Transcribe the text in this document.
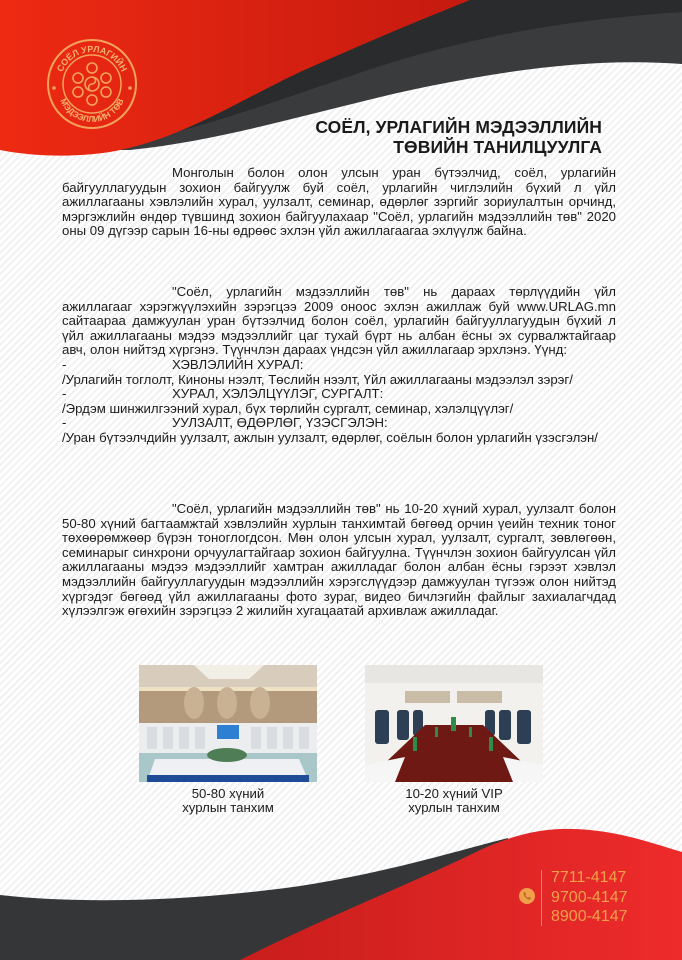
СОЁЛ УРЛАГИЙН
МЭДЭЭЛЛИЙН ТӨВ
СОЁЛ, УРЛАГИЙН МЭДЭЭЛЛИЙН
ТӨВИЙН ТАНИЛЦУУЛГА

Монголын болон олон улсын уран бүтээлчид, соёл, урлагийн байгууллагуудын зохион байгуулж буй соёл, урлагийн чиглэлийн бүхий л үйл ажиллагааны хэвлэлийн хурал, уулзалт, семинар, өдөрлөг зэргийг зориулалтын орчинд, мэргэжлийн өндөр түвшинд зохион байгуулахаар "Соёл, урлагийн мэдээллийн төв" 2020 оны 09 дүгээр сарын 16-ны өдрөөс эхлэн үйл ажиллагаагаа эхлүүлж байна.

"Соёл, урлагийн мэдээллийн төв" нь дараах төрлүүдийн үйл ажиллагааг хэрэгжүүлэхийн зэрэгцээ 2009 оноос эхлэн ажиллаж буй www.URLAG.mn сайтаараа дамжуулан уран бүтээлчид болон соёл, урлагийн байгууллагуудын бүхий л үйл ажиллагааны мэдээ мэдээллийг цаг тухай бүрт нь албан ёсны эх сурвалжтайгаар авч, олон нийтэд хүргэнэ. Түүнчлэн дараах үндсэн үйл ажиллагаар эрхлэнэ. Үүнд:

-	ХЭВЛЭЛИЙН ХУРАЛ:
/Урлагийн тоглолт, Киноны нээлт, Төслийн нээлт, Үйл ажиллагааны мэдээлэл зэрэг/
-	ХУРАЛ, ХЭЛЭЛЦҮҮЛЭГ, СУРГАЛТ:
/Эрдэм шинжилгээний хурал, бүх төрлийн сургалт, семинар, хэлэлцүүлэг/
-	УУЛЗАЛТ, ӨДӨРЛӨГ, ҮЗЭСГЭЛЭН:
/Уран бүтээлчдийн уулзалт, ажлын уулзалт, өдөрлөг, соёлын болон урлагийн үзэсгэлэн/

"Соёл, урлагийн мэдээллийн төв" нь 10-20 хүний хурал, уулзалт болон 50-80 хүний багтаамжтай хэвлэлийн хурлын танхимтай бөгөөд орчин үеийн техник тоног төхөөрөмжөөр бүрэн тоноглогдсон. Мөн олон улсын хурал, уулзалт, сургалт, зөвлөгөөн, семинарыг синхрони орчуулагтайгаар зохион байгуулна. Түүнчлэн зохион байгуулсан үйл ажиллагааны мэдээ мэдээллийг хамтран ажилладаг болон албан ёсны гэрээт хэвлэл мэдээллийн байгууллагуудын мэдээллийн хэрэгслүүдээр дамжуулан түгээж олон нийтэд хүргэдэг бөгөөд үйл ажиллагааны фото зураг, видео бичлэгийн файлыг захиалагчдад хүлээлгэж өгөхийн зэрэгцээ 2 жилийн хугацаатай архивлаж ажилладаг.

50-80 хүний
хурлын танхим
10-20 хүний VIP
хурлын танхим
7711-4147
9700-4147
8900-4147
